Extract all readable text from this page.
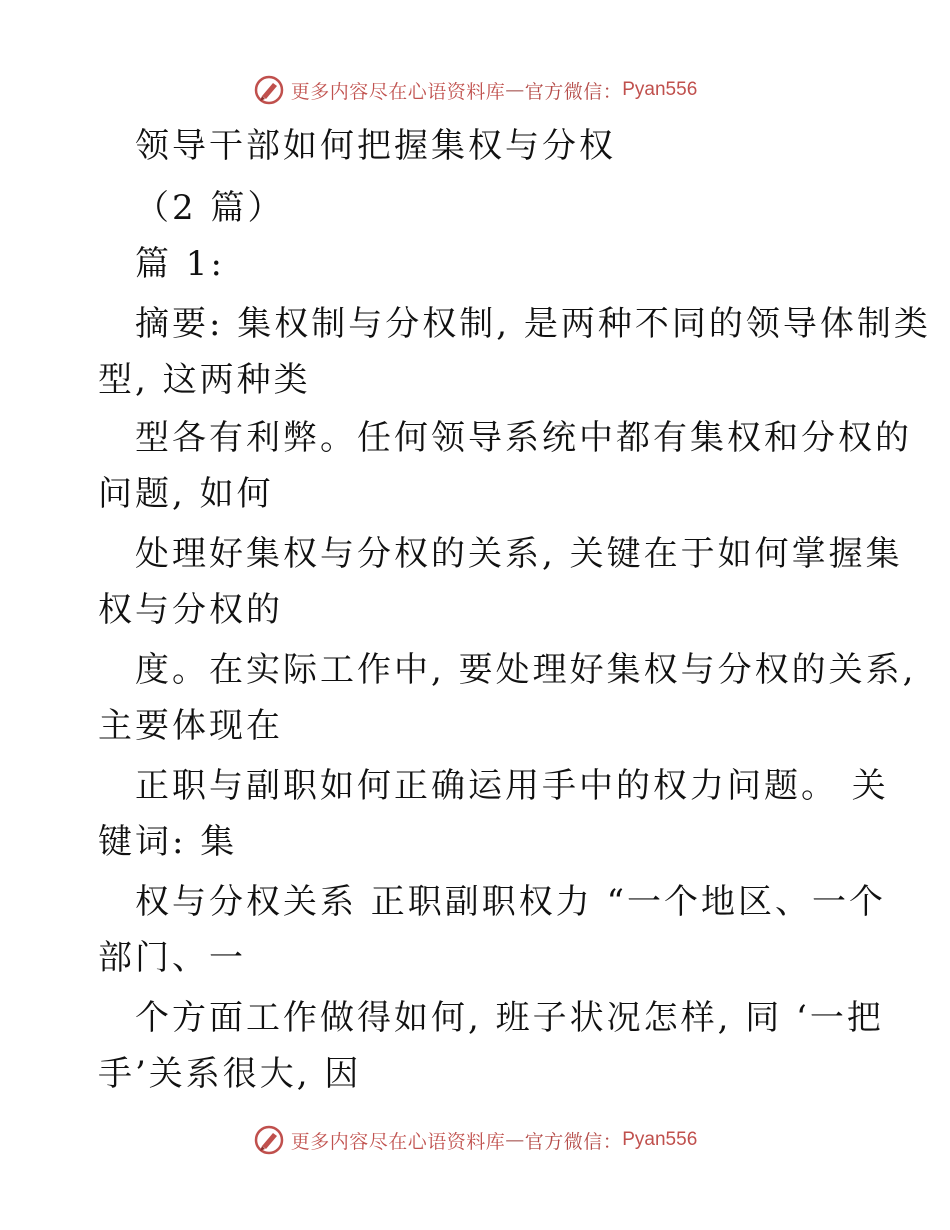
更多内容尽在心语资料库 — 官方微信： Pyan556
领导干部如何把握集权与分权
（2 篇）
篇 1:
摘要: 集权制与分权制, 是两种不同的领导体制类
型, 这两种类
型各有利弊。任何领导系统中都有集权和分权的
问题, 如何
处理好集权与分权的关系, 关键在于如何掌握集
权与分权的
度。在实际工作中, 要处理好集权与分权的关系,
主要体现在
正职与副职如何正确运用手中的权力问题。 关
键词: 集
权与分权关系 正职副职权力 “一个地区、一个
部门、一
个方面工作做得如何, 班子状况怎样, 同 ‘一把
手’关系很大, 因
更多内容尽在心语资料库 — 官方微信： Pyan556
